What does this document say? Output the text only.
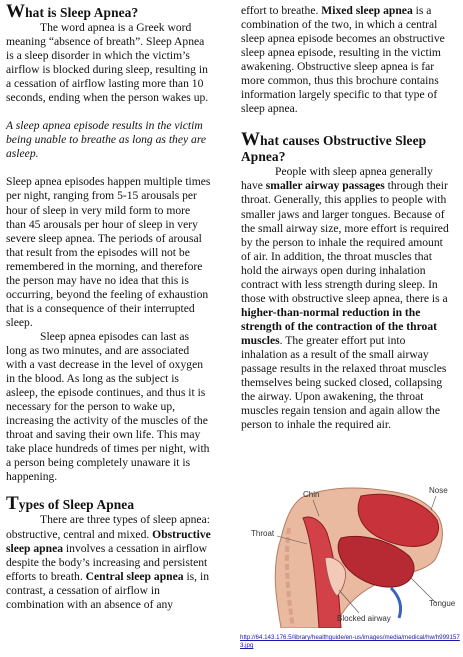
What is Sleep Apnea?

The word apnea is a Greek word meaning “absence of breath”. Sleep Apnea is a sleep disorder in which the victim’s airflow is blocked during sleep, resulting in a cessation of airflow lasting more than 10 seconds, ending when the person wakes up.

A sleep apnea episode results in the victim being unable to breathe as long as they are asleep.

Sleep apnea episodes happen multiple times per night, ranging from 5-15 arousals per hour of sleep in very mild form to more than 45 arousals per hour of sleep in very severe sleep apnea. The periods of arousal that result from the episodes will not be remembered in the morning, and therefore the person may have no idea that this is occurring, beyond the feeling of exhaustion that is a consequence of their interrupted sleep.

Sleep apnea episodes can last as long as two minutes, and are associated with a vast decrease in the level of oxygen in the blood. As long as the subject is asleep, the episode continues, and thus it is necessary for the person to wake up, increasing the activity of the muscles of the throat and saving their own life. This may take place hundreds of times per night, with a person being completely unaware it is happening.

Types of Sleep Apnea

There are three types of sleep apnea: obstructive, central and mixed. Obstructive sleep apnea involves a cessation in airflow despite the body’s increasing and persistent efforts to breath. Central sleep apnea is, in contrast, a cessation of airflow in combination with an absence of any

effort to breathe. Mixed sleep apnea is a combination of the two, in which a central sleep apnea episode becomes an obstructive sleep apnea episode, resulting in the victim awakening. Obstructive sleep apnea is far more common, thus this brochure contains information largely specific to that type of sleep apnea.

What causes Obstructive Sleep Apnea?

People with sleep apnea generally have smaller airway passages through their throat. Generally, this applies to people with smaller jaws and larger tongues. Because of the small airway size, more effort is required by the person to inhale the required amount of air. In addition, the throat muscles that hold the airways open during inhalation contract with less strength during sleep. In those with obstructive sleep apnea, there is a higher-than-normal reduction in the strength of the contraction of the throat muscles. The greater effort put into inhalation as a result of the small airway passage results in the relaxed throat muscles themselves being sucked closed, collapsing the airway. Upon awakening, the throat muscles regain tension and again allow the person to inhale the required air.

Chin	Nose
Throat
Tongue
Blocked airway
http://64.143.176.5/library/healthguide/en-us/images/media/medical/hw/h9991573.jpg
